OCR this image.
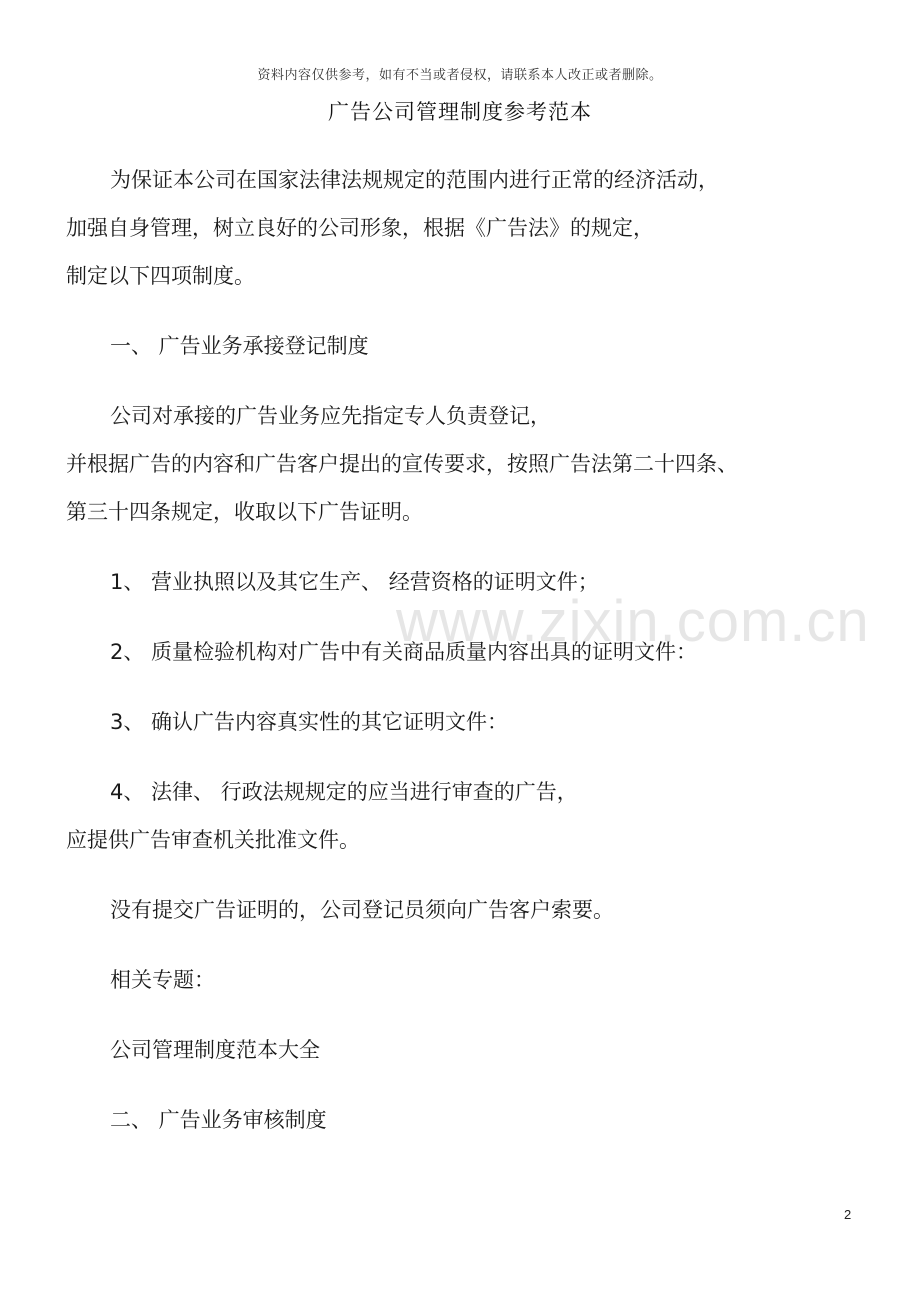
www.zixin.com.cn
资料内容仅供参考，如有不当或者侵权，请联系本人改正或者删除。
广告公司管理制度参考范本
为保证本公司在国家法律法规规定的范围内进行正常的经济活动，
加强自身管理，树立良好的公司形象，根据《广告法》的规定，
制定以下四项制度。
一、 广告业务承接登记制度
公司对承接的广告业务应先指定专人负责登记，
并根据广告的内容和广告客户提出的宣传要求，按照广告法第二十四条、
第三十四条规定，收取以下广告证明。
1、 营业执照以及其它生产、 经营资格的证明文件；
2、 质量检验机构对广告中有关商品质量内容出具的证明文件：
3、 确认广告内容真实性的其它证明文件：
4、 法律、 行政法规规定的应当进行审查的广告，
应提供广告审查机关批准文件。
没有提交广告证明的，公司登记员须向广告客户索要。
相关专题：
公司管理制度范本大全
二、 广告业务审核制度
2
